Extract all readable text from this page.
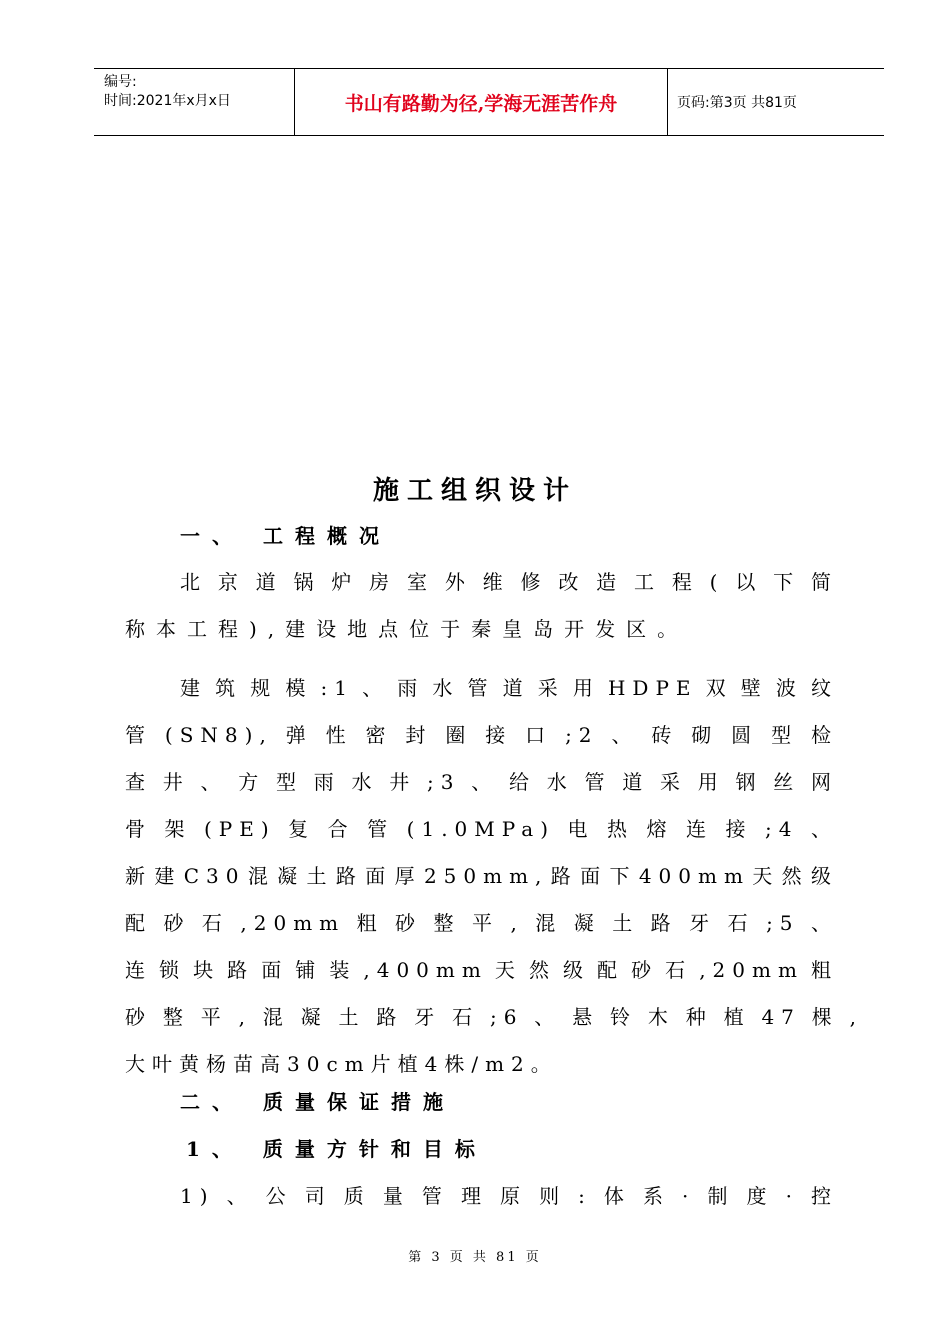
编号:
时间:2021年x月x日	书山有路勤为径,学海无涯苦作舟	页码:第3页 共81页
施工组织设计
一、 工程概况
北京道锅炉房室外维修改造工程(以下简
称本工程),建设地点位于秦皇岛开发区。
建筑规模:1、雨水管道采用HDPE双壁波纹
管(SN8),弹性密封圈接口;2、砖砌圆型检
查井、方型雨水井;3、给水管道采用钢丝网
骨架(PE)复合管(1.0MPa)电热熔连接;4、
新建C30混凝土路面厚250mm,路面下400mm天然级
配砂石,20mm粗砂整平,混凝土路牙石;5、
连锁块路面铺装,400mm天然级配砂石,20mm粗
砂整平,混凝土路牙石;6、悬铃木种植47棵,
大叶黄杨苗高30cm片植4株/m2。
二、 质量保证措施
1、 质量方针和目标
1)、公司质量管理原则:体系·制度·控
第 3 页 共 81 页
